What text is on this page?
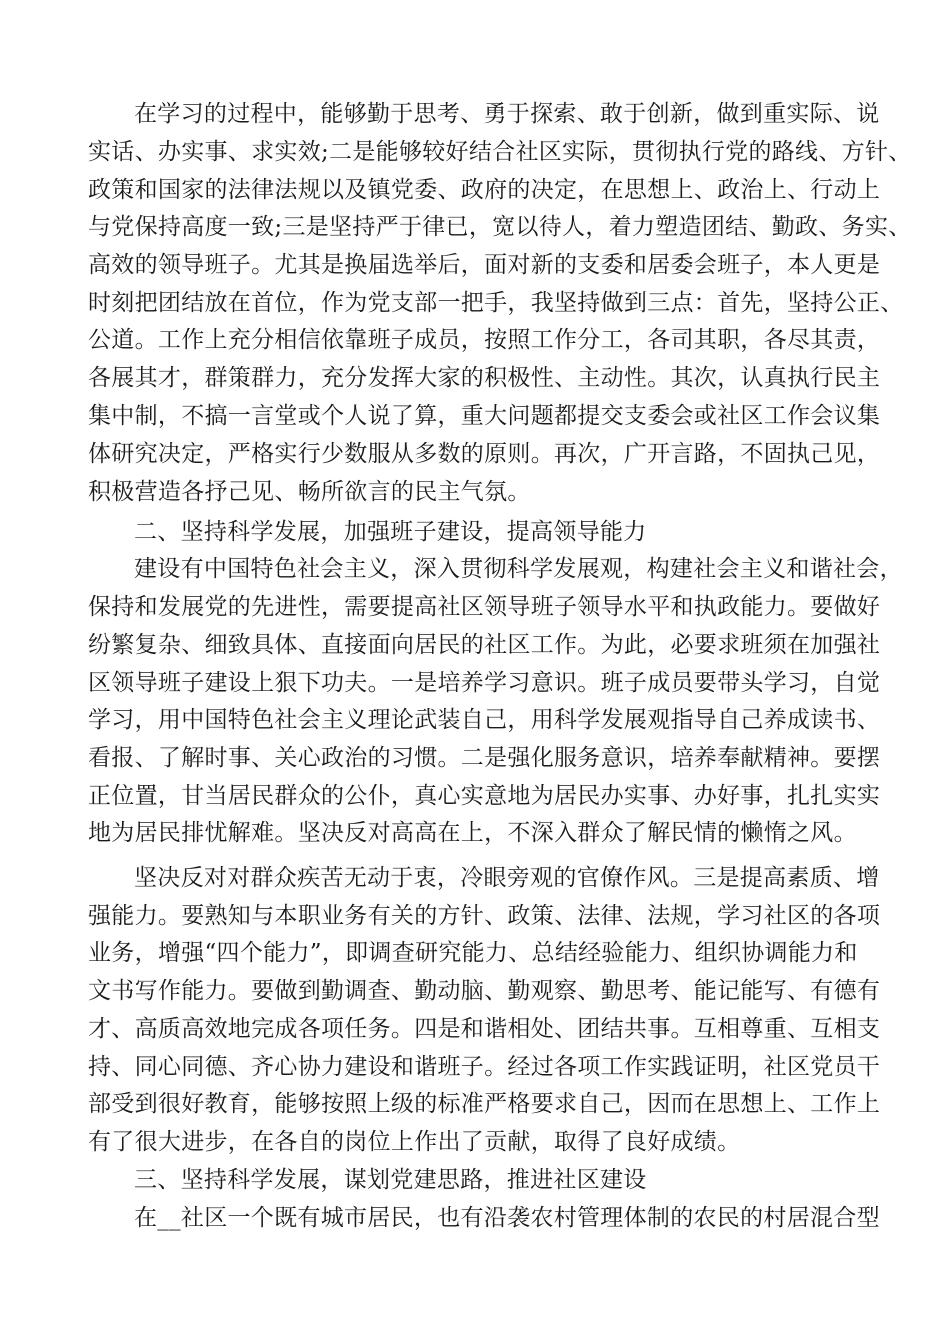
在学习的过程中，能够勤于思考、勇于探索、敢于创新，做到重实际、说
实话、办实事、求实效;二是能够较好结合社区实际，贯彻执行党的路线、方针、
政策和国家的法律法规以及镇党委、政府的决定，在思想上、政治上、行动上
与党保持高度一致;三是坚持严于律已，宽以待人，着力塑造团结、勤政、务实、
高效的领导班子。尤其是换届选举后，面对新的支委和居委会班子，本人更是
时刻把团结放在首位，作为党支部一把手，我坚持做到三点：首先，坚持公正、
公道。工作上充分相信依靠班子成员，按照工作分工，各司其职，各尽其责，
各展其才，群策群力，充分发挥大家的积极性、主动性。其次，认真执行民主
集中制，不搞一言堂或个人说了算，重大问题都提交支委会或社区工作会议集
体研究决定，严格实行少数服从多数的原则。再次，广开言路，不固执己见，
积极营造各抒己见、畅所欲言的民主气氛。
二、坚持科学发展，加强班子建设，提高领导能力
建设有中国特色社会主义，深入贯彻科学发展观，构建社会主义和谐社会，
保持和发展党的先进性，需要提高社区领导班子领导水平和执政能力。要做好
纷繁复杂、细致具体、直接面向居民的社区工作。为此，必要求班须在加强社
区领导班子建设上狠下功夫。一是培养学习意识。班子成员要带头学习，自觉
学习，用中国特色社会主义理论武装自己，用科学发展观指导自己养成读书、
看报、了解时事、关心政治的习惯。二是强化服务意识，培养奉献精神。要摆
正位置，甘当居民群众的公仆，真心实意地为居民办实事、办好事，扎扎实实
地为居民排忧解难。坚决反对高高在上，不深入群众了解民情的懒惰之风。
坚决反对对群众疾苦无动于衷，冷眼旁观的官僚作风。三是提高素质、增
强能力。要熟知与本职业务有关的方针、政策、法律、法规，学习社区的各项
业务，增强“四个能力”，即调查研究能力、总结经验能力、组织协调能力和
文书写作能力。要做到勤调查、勤动脑、勤观察、勤思考、能记能写、有德有
才、高质高效地完成各项任务。四是和谐相处、团结共事。互相尊重、互相支
持、同心同德、齐心协力建设和谐班子。经过各项工作实践证明，社区党员干
部受到很好教育，能够按照上级的标准严格要求自己，因而在思想上、工作上
有了很大进步，在各自的岗位上作出了贡献，取得了良好成绩。
三、坚持科学发展，谋划党建思路，推进社区建设
在__社区一个既有城市居民，也有沿袭农村管理体制的农民的村居混合型
